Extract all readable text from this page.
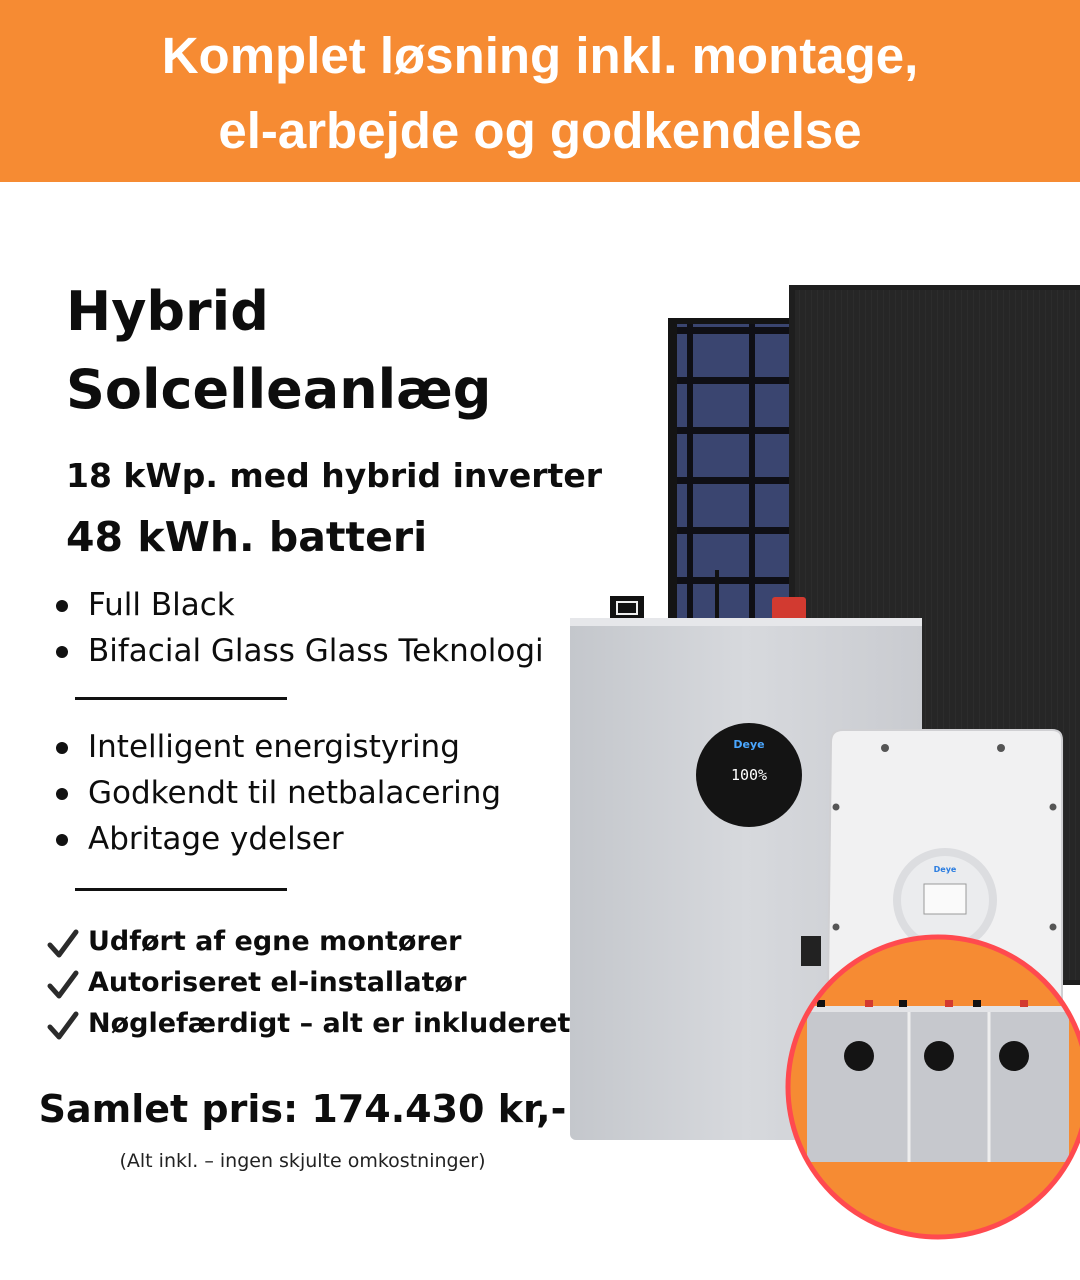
Komplet løsning inkl. montage,
el-arbejde og godkendelse
Hybrid
Solcelleanlæg
18 kWp. med hybrid inverter
48 kWh. batteri
Full Black
Bifacial Glass Glass Teknologi
Intelligent energistyring
Godkendt til netbalacering
Abritage ydelser
Udført af egne montører
Autoriseret el-installatør
Nøglefærdigt – alt er inkluderet
Samlet pris: 174.430 kr,-
(Alt inkl. – ingen skjulte omkostninger)
Deye
100%
Deye
